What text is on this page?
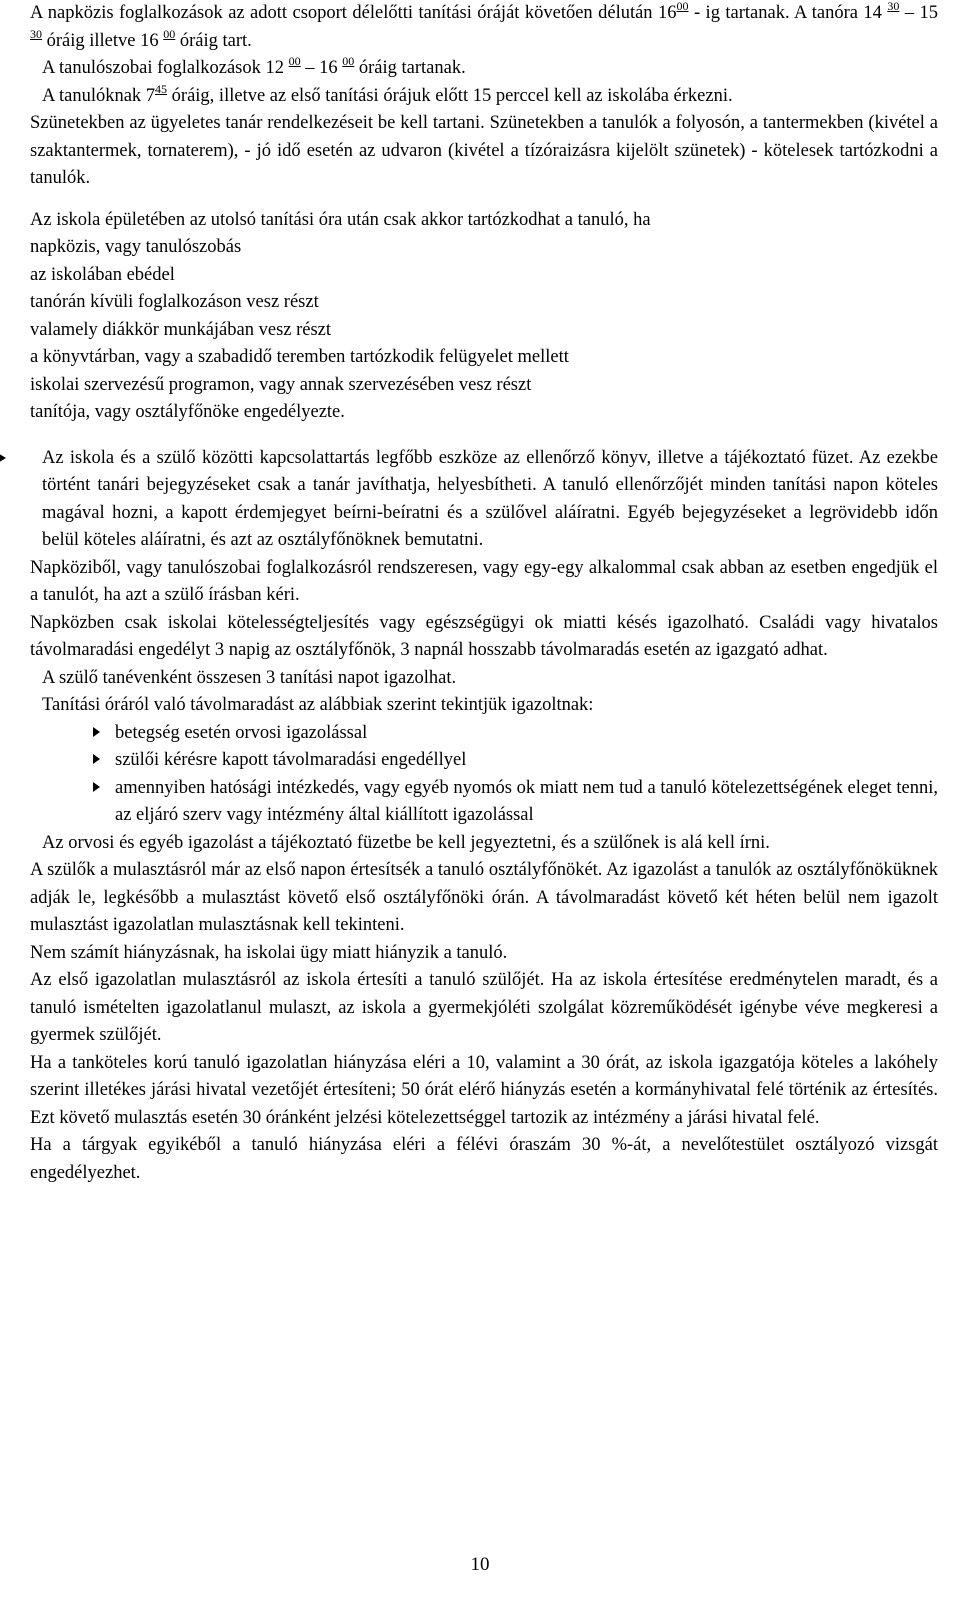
A napközis foglalkozások az adott csoport délelőtti tanítási óráját követően délután $16^{00}$ - ig tartanak. A tanóra 14 $^{30}$ – 15 $^{30}$ óráig illetve 16 $^{00}$ óráig tart.

A tanulószobai foglalkozások 12 $^{00}$ – 16 $^{00}$ óráig tartanak.

A tanulóknak $7^{45}$ óráig, illetve az első tanítási órájuk előtt 15 perccel kell az iskolába érkezni.

Szünetekben az ügyeletes tanár rendelkezéseit be kell tartani. Szünetekben a tanulók a folyosón, a tantermekben (kivétel a szaktantermek, tornaterem), - jó idő esetén az udvaron (kivétel a tízóraizásra kijelölt szünetek) - kötelesek tartózkodni a tanulók.

Az iskola épületében az utolsó tanítási óra után csak akkor tartózkodhat a tanuló, ha

napközis, vagy tanulószobás
az iskolában ebédel
tanórán kívüli foglalkozáson vesz részt
valamely diákkör munkájában vesz részt
a könyvtárban, vagy a szabadidő teremben tartózkodik felügyelet mellett
iskolai szervezésű programon, vagy annak szervezésében vesz részt
tanítója, vagy osztályfőnöke engedélyezte.

Az iskola és a szülő közötti kapcsolattartás legfőbb eszköze az ellenőrző könyv, illetve a tájékoztató füzet. Az ezekbe történt tanári bejegyzéseket csak a tanár javíthatja, helyesbítheti. A tanuló ellenőrzőjét minden tanítási napon köteles magával hozni, a kapott érdemjegyet beírni-beíratni és a szülővel aláíratni. Egyéb bejegyzéseket a legrövidebb időn belül köteles aláíratni, és azt az osztályfőnöknek bemutatni.

Napköziből, vagy tanulószobai foglalkozásról rendszeresen, vagy egy-egy alkalommal csak abban az esetben engedjük el a tanulót, ha azt a szülő írásban kéri.

Napközben csak iskolai kötelességteljesítés vagy egészségügyi ok miatti késés igazolható. Családi vagy hivatalos távolmaradási engedélyt 3 napig az osztályfőnök, 3 napnál hosszabb távolmaradás esetén az igazgató adhat.

A szülő tanévenként összesen 3 tanítási napot igazolhat.

Tanítási óráról való távolmaradást az alábbiak szerint tekintjük igazoltnak:

betegség esetén orvosi igazolással

szülői kérésre kapott távolmaradási engedéllyel

amennyiben hatósági intézkedés, vagy egyéb nyomós ok miatt nem tud a tanuló kötelezettségének eleget tenni, az eljáró szerv vagy intézmény által kiállított igazolással

Az orvosi és egyéb igazolást a tájékoztató füzetbe be kell jegyeztetni, és a szülőnek is alá kell írni.

A szülők a mulasztásról már az első napon értesítsék a tanuló osztályfőnökét. Az igazolást a tanulók az osztályfőnöküknek adják le, legkésőbb a mulasztást követő első osztályfőnöki órán. A távolmaradást követő két héten belül nem igazolt mulasztást igazolatlan mulasztásnak kell tekinteni.

Nem számít hiányzásnak, ha iskolai ügy miatt hiányzik a tanuló.

Az első igazolatlan mulasztásról az iskola értesíti a tanuló szülőjét. Ha az iskola értesítése eredménytelen maradt, és a tanuló ismételten igazolatlanul mulaszt, az iskola a gyermekjóléti szolgálat közreműködését igénybe véve megkeresi a gyermek szülőjét.

Ha a tanköteles korú tanuló igazolatlan hiányzása eléri a 10, valamint a 30 órát, az iskola igazgatója köteles a lakóhely szerint illetékes járási hivatal vezetőjét értesíteni; 50 órát elérő hiányzás esetén a kormányhivatal felé történik az értesítés. Ezt követő mulasztás esetén 30 óránként jelzési kötelezettséggel tartozik az intézmény a járási hivatal felé.

Ha a tárgyak egyikéből a tanuló hiányzása eléri a félévi óraszám 30 %-át, a nevelőtestület osztályozó vizsgát engedélyezhet.

10
